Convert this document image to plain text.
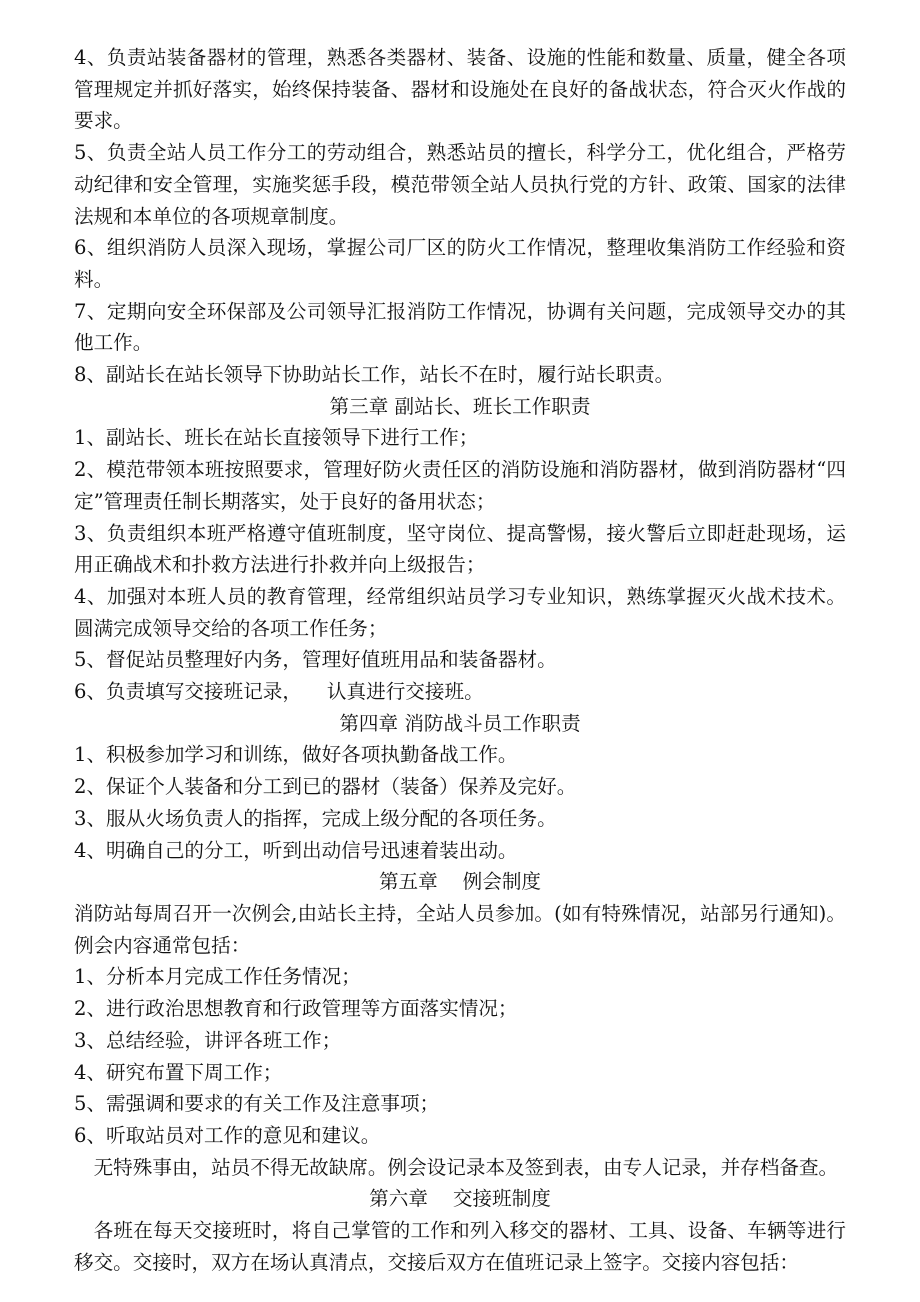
4、负责站装备器材的管理，熟悉各类器材、装备、设施的性能和数量、质量，健全各项管理规定并抓好落实，始终保持装备、器材和设施处在良好的备战状态，符合灭火作战的要求。

5、负责全站人员工作分工的劳动组合，熟悉站员的擅长，科学分工，优化组合，严格劳动纪律和安全管理，实施奖惩手段，模范带领全站人员执行党的方针、政策、国家的法律法规和本单位的各项规章制度。

6、组织消防人员深入现场，掌握公司厂区的防火工作情况，整理收集消防工作经验和资料。

7、定期向安全环保部及公司领导汇报消防工作情况，协调有关问题，完成领导交办的其他工作。

8、副站长在站长领导下协助站长工作，站长不在时，履行站长职责。

第三章 副站长、班长工作职责

1、副站长、班长在站长直接领导下进行工作；

2、模范带领本班按照要求，管理好防火责任区的消防设施和消防器材，做到消防器材“四定”管理责任制长期落实，处于良好的备用状态；

3、负责组织本班严格遵守值班制度，坚守岗位、提高警惕，接火警后立即赶赴现场，运用正确战术和扑救方法进行扑救并向上级报告；

4、加强对本班人员的教育管理，经常组织站员学习专业知识，熟练掌握灭火战术技术。圆满完成领导交给的各项工作任务；

5、督促站员整理好内务，管理好值班用品和装备器材。

6、负责填写交接班记录，    认真进行交接班。

第四章 消防战斗员工作职责

1、积极参加学习和训练，做好各项执勤备战工作。

2、保证个人装备和分工到已的器材（装备）保养及完好。

3、服从火场负责人的指挥，完成上级分配的各项任务。

4、明确自己的分工，听到出动信号迅速着装出动。

第五章    例会制度

消防站每周召开一次例会,由站长主持，全站人员参加。(如有特殊情况，站部另行通知)。      例会内容通常包括：

1、分析本月完成工作任务情况；

2、进行政治思想教育和行政管理等方面落实情况；

3、总结经验，讲评各班工作；

4、研究布置下周工作；

5、需强调和要求的有关工作及注意事项；

6、听取站员对工作的意见和建议。

无特殊事由，站员不得无故缺席。例会设记录本及签到表，由专人记录，并存档备查。

第六章    交接班制度

各班在每天交接班时，将自己掌管的工作和列入移交的器材、工具、设备、车辆等进行移交。交接时，双方在场认真清点，交接后双方在值班记录上签字。交接内容包括：
